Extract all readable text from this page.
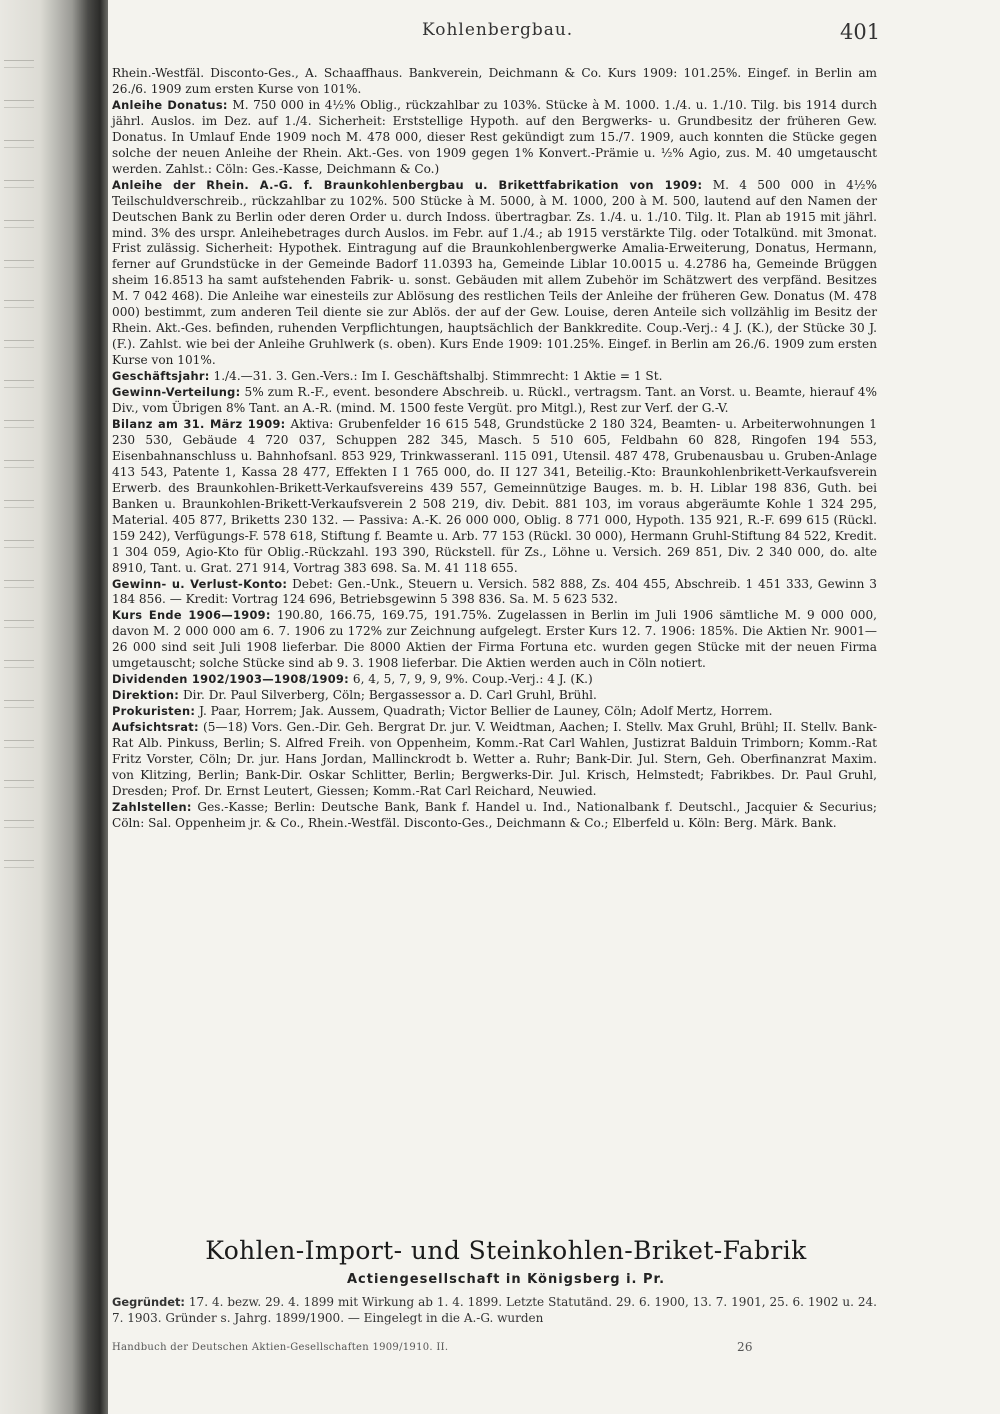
Kohlenbergbau.	401

Rhein.-Westfäl. Disconto-Ges., A. Schaaffhaus. Bankverein, Deichmann & Co. Kurs 1909: 101.25%. Eingef. in Berlin am 26./6. 1909 zum ersten Kurse von 101%.

Anleihe Donatus: M. 750 000 in 4½% Oblig., rückzahlbar zu 103%. Stücke à M. 1000. 1./4. u. 1./10. Tilg. bis 1914 durch jährl. Auslos. im Dez. auf 1./4. Sicherheit: Erststellige Hypoth. auf den Bergwerks- u. Grundbesitz der früheren Gew. Donatus. In Umlauf Ende 1909 noch M. 478 000, dieser Rest gekündigt zum 15./7. 1909, auch konnten die Stücke gegen solche der neuen Anleihe der Rhein. Akt.-Ges. von 1909 gegen 1% Konvert.-Prämie u. ½% Agio, zus. M. 40 umgetauscht werden. Zahlst.: Cöln: Ges.-Kasse, Deichmann & Co.)

Anleihe der Rhein. A.-G. f. Braunkohlenbergbau u. Brikettfabrikation von 1909: M. 4 500 000 in 4½% Teilschuldverschreib., rückzahlbar zu 102%. 500 Stücke à M. 5000, à M. 1000, 200 à M. 500, lautend auf den Namen der Deutschen Bank zu Berlin oder deren Order u. durch Indoss. übertragbar. Zs. 1./4. u. 1./10. Tilg. lt. Plan ab 1915 mit jährl. mind. 3% des urspr. Anleihebetrages durch Auslos. im Febr. auf 1./4.; ab 1915 verstärkte Tilg. oder Totalkünd. mit 3monat. Frist zulässig. Sicherheit: Hypothek. Eintragung auf die Braunkohlenbergwerke Amalia-Erweiterung, Donatus, Hermann, ferner auf Grundstücke in der Gemeinde Badorf 11.0393 ha, Gemeinde Liblar 10.0015 u. 4.2786 ha, Gemeinde Brüggen sheim 16.8513 ha samt aufstehenden Fabrik- u. sonst. Gebäuden mit allem Zubehör im Schätzwert des verpfänd. Besitzes M. 7 042 468). Die Anleihe war einesteils zur Ablösung des restlichen Teils der Anleihe der früheren Gew. Donatus (M. 478 000) bestimmt, zum anderen Teil diente sie zur Ablös. der auf der Gew. Louise, deren Anteile sich vollzählig im Besitz der Rhein. Akt.-Ges. befinden, ruhenden Verpflichtungen, hauptsächlich der Bankkredite. Coup.-Verj.: 4 J. (K.), der Stücke 30 J. (F.). Zahlst. wie bei der Anleihe Gruhlwerk (s. oben). Kurs Ende 1909: 101.25%. Eingef. in Berlin am 26./6. 1909 zum ersten Kurse von 101%.

Geschäftsjahr: 1./4.—31. 3. Gen.-Vers.: Im I. Geschäftshalbj. Stimmrecht: 1 Aktie = 1 St.

Gewinn-Verteilung: 5% zum R.-F., event. besondere Abschreib. u. Rückl., vertragsm. Tant. an Vorst. u. Beamte, hierauf 4% Div., vom Übrigen 8% Tant. an A.-R. (mind. M. 1500 feste Vergüt. pro Mitgl.), Rest zur Verf. der G.-V.

Bilanz am 31. März 1909: Aktiva: Grubenfelder 16 615 548, Grundstücke 2 180 324, Beamten- u. Arbeiterwohnungen 1 230 530, Gebäude 4 720 037, Schuppen 282 345, Masch. 5 510 605, Feldbahn 60 828, Ringofen 194 553, Eisenbahnanschluss u. Bahnhofsanl. 853 929, Trinkwasseranl. 115 091, Utensil. 487 478, Grubenausbau u. Gruben-Anlage 413 543, Patente 1, Kassa 28 477, Effekten I 1 765 000, do. II 127 341, Beteilig.-Kto: Braunkohlenbrikett-Verkaufsverein Erwerb. des Braunkohlen-Brikett-Verkaufsvereins 439 557, Gemeinnützige Bauges. m. b. H. Liblar 198 836, Guth. bei Banken u. Braunkohlen-Brikett-Verkaufsverein 2 508 219, div. Debit. 881 103, im voraus abgeräumte Kohle 1 324 295, Material. 405 877, Briketts 230 132. — Passiva: A.-K. 26 000 000, Oblig. 8 771 000, Hypoth. 135 921, R.-F. 699 615 (Rückl. 159 242), Verfügungs-F. 578 618, Stiftung f. Beamte u. Arb. 77 153 (Rückl. 30 000), Hermann Gruhl-Stiftung 84 522, Kredit. 1 304 059, Agio-Kto für Oblig.-Rückzahl. 193 390, Rückstell. für Zs., Löhne u. Versich. 269 851, Div. 2 340 000, do. alte 8910, Tant. u. Grat. 271 914, Vortrag 383 698. Sa. M. 41 118 655.

Gewinn- u. Verlust-Konto: Debet: Gen.-Unk., Steuern u. Versich. 582 888, Zs. 404 455, Abschreib. 1 451 333, Gewinn 3 184 856. — Kredit: Vortrag 124 696, Betriebsgewinn 5 398 836. Sa. M. 5 623 532.

Kurs Ende 1906—1909: 190.80, 166.75, 169.75, 191.75%. Zugelassen in Berlin im Juli 1906 sämtliche M. 9 000 000, davon M. 2 000 000 am 6. 7. 1906 zu 172% zur Zeichnung aufgelegt. Erster Kurs 12. 7. 1906: 185%. Die Aktien Nr. 9001—26 000 sind seit Juli 1908 lieferbar. Die 8000 Aktien der Firma Fortuna etc. wurden gegen Stücke mit der neuen Firma umgetauscht; solche Stücke sind ab 9. 3. 1908 lieferbar. Die Aktien werden auch in Cöln notiert.

Dividenden 1902/1903—1908/1909: 6, 4, 5, 7, 9, 9, 9%. Coup.-Verj.: 4 J. (K.)

Direktion: Dir. Dr. Paul Silverberg, Cöln; Bergassessor a. D. Carl Gruhl, Brühl.

Prokuristen: J. Paar, Horrem; Jak. Aussem, Quadrath; Victor Bellier de Launey, Cöln; Adolf Mertz, Horrem.

Aufsichtsrat: (5—18) Vors. Gen.-Dir. Geh. Bergrat Dr. jur. V. Weidtman, Aachen; I. Stellv. Max Gruhl, Brühl; II. Stellv. Bank-Rat Alb. Pinkuss, Berlin; S. Alfred Freih. von Oppenheim, Komm.-Rat Carl Wahlen, Justizrat Balduin Trimborn; Komm.-Rat Fritz Vorster, Cöln; Dr. jur. Hans Jordan, Mallinckrodt b. Wetter a. Ruhr; Bank-Dir. Jul. Stern, Geh. Oberfinanzrat Maxim. von Klitzing, Berlin; Bank-Dir. Oskar Schlitter, Berlin; Bergwerks-Dir. Jul. Krisch, Helmstedt; Fabrikbes. Dr. Paul Gruhl, Dresden; Prof. Dr. Ernst Leutert, Giessen; Komm.-Rat Carl Reichard, Neuwied.

Zahlstellen: Ges.-Kasse; Berlin: Deutsche Bank, Bank f. Handel u. Ind., Nationalbank f. Deutschl., Jacquier & Securius; Cöln: Sal. Oppenheim jr. & Co., Rhein.-Westfäl. Disconto-Ges., Deichmann & Co.; Elberfeld u. Köln: Berg. Märk. Bank.

Kohlen-Import- und Steinkohlen-Briket-Fabrik
Actiengesellschaft in Königsberg i. Pr.
Gegründet: 17. 4. bezw. 29. 4. 1899 mit Wirkung ab 1. 4. 1899. Letzte Statutänd. 29. 6. 1900, 13. 7. 1901, 25. 6. 1902 u. 24. 7. 1903. Gründer s. Jahrg. 1899/1900. — Eingelegt in die A.-G. wurden
Handbuch der Deutschen Aktien-Gesellschaften 1909/1910. II.	26
